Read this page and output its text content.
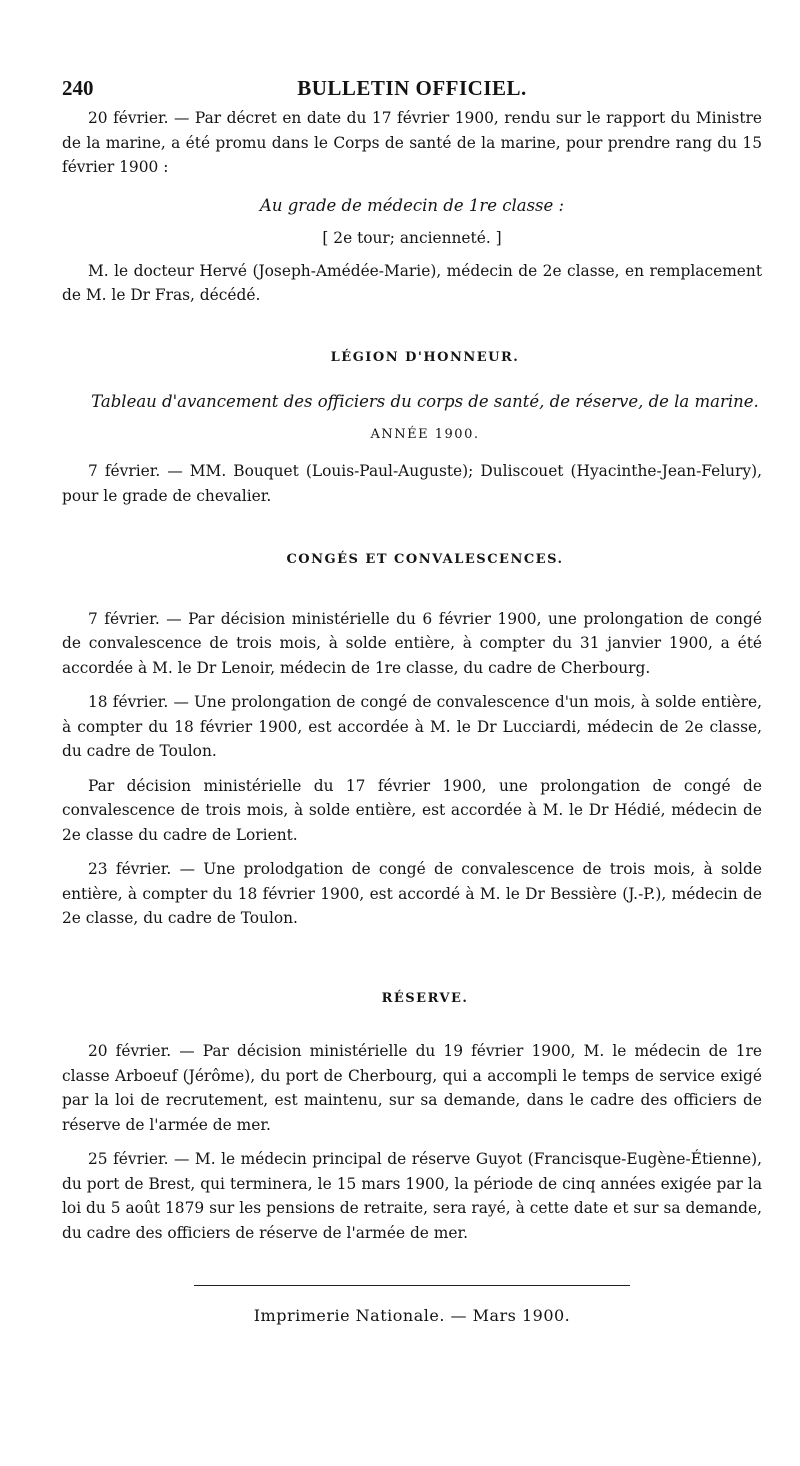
240	BULLETIN OFFICIEL.

20 février. — Par décret en date du 17 février 1900, rendu sur le rapport du Ministre de la marine, a été promu dans le Corps de santé de la marine, pour prendre rang du 15 février 1900 :

Au grade de médecin de 1re classe :

[ 2e tour; ancienneté. ]

M. le docteur Hervé (Joseph-Amédée-Marie), médecin de 2e classe, en remplacement de M. le Dr Fras, décédé.

LÉGION D'HONNEUR.

Tableau d'avancement des officiers du corps de santé, de réserve, de la marine.

ANNÉE 1900.

7 février. — MM. Bouquet (Louis-Paul-Auguste); Duliscouet (Hyacinthe-Jean-Felury), pour le grade de chevalier.

CONGÉS ET CONVALESCENCES.

7 février. — Par décision ministérielle du 6 février 1900, une prolongation de congé de convalescence de trois mois, à solde entière, à compter du 31 janvier 1900, a été accordée à M. le Dr Lenoir, médecin de 1re classe, du cadre de Cherbourg.

18 février. — Une prolongation de congé de convalescence d'un mois, à solde entière, à compter du 18 février 1900, est accordée à M. le Dr Lucciardi, médecin de 2e classe, du cadre de Toulon.

Par décision ministérielle du 17 février 1900, une prolongation de congé de convalescence de trois mois, à solde entière, est accordée à M. le Dr Hédié, médecin de 2e classe du cadre de Lorient.

23 février. — Une prolodgation de congé de convalescence de trois mois, à solde entière, à compter du 18 février 1900, est accordé à M. le Dr Bessière (J.-P.), médecin de 2e classe, du cadre de Toulon.

RÉSERVE.

20 février. — Par décision ministérielle du 19 février 1900, M. le médecin de 1re classe Arboeuf (Jérôme), du port de Cherbourg, qui a accompli le temps de service exigé par la loi de recrutement, est maintenu, sur sa demande, dans le cadre des officiers de réserve de l'armée de mer.

25 février. — M. le médecin principal de réserve Guyot (Francisque-Eugène-Étienne), du port de Brest, qui terminera, le 15 mars 1900, la période de cinq années exigée par la loi du 5 août 1879 sur les pensions de retraite, sera rayé, à cette date et sur sa demande, du cadre des officiers de réserve de l'armée de mer.

Imprimerie Nationale. — Mars 1900.
